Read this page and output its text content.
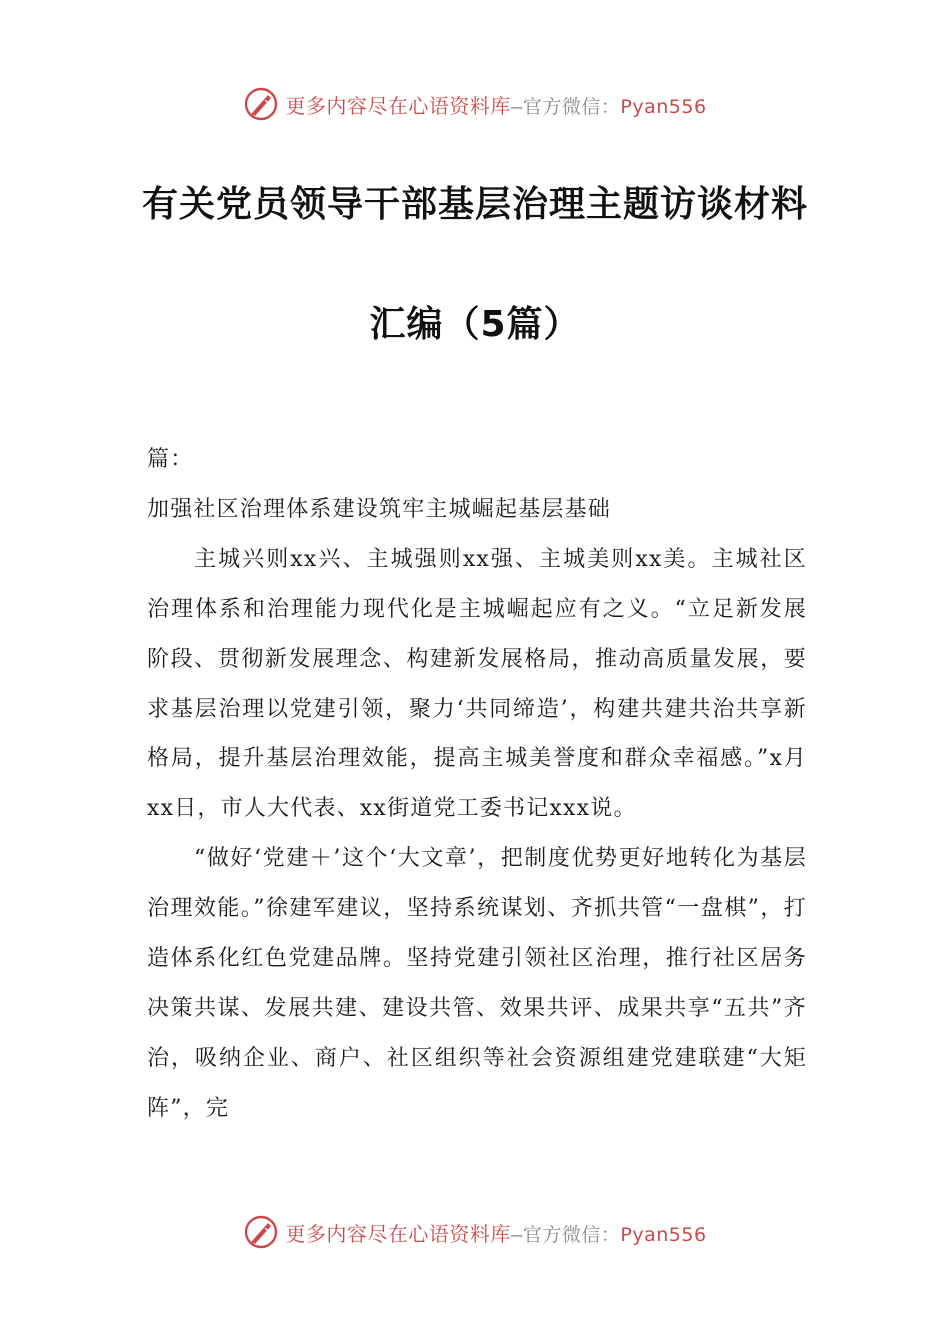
更多内容尽在心语资料库—官方微信：Pyan556
有关党员领导干部基层治理主题访谈材料
汇编（5篇）

篇：

加强社区治理体系建设筑牢主城崛起基层基础

主城兴则xx兴、主城强则xx强、主城美则xx美。主城社区治理体系和治理能力现代化是主城崛起应有之义。“立足新发展阶段、贯彻新发展理念、构建新发展格局，推动高质量发展，要求基层治理以党建引领，聚力‘共同缔造’，构建共建共治共享新格局，提升基层治理效能，提高主城美誉度和群众幸福感。”x月xx日，市人大代表、xx街道党工委书记xxx说。

“做好‘党建＋’这个‘大文章’，把制度优势更好地转化为基层治理效能。”徐建军建议，坚持系统谋划、齐抓共管“一盘棋”，打造体系化红色党建品牌。坚持党建引领社区治理，推行社区居务决策共谋、发展共建、建设共管、效果共评、成果共享“五共”齐治，吸纳企业、商户、社区组织等社会资源组建党建联建“大矩阵”，完

更多内容尽在心语资料库—官方微信：Pyan556
